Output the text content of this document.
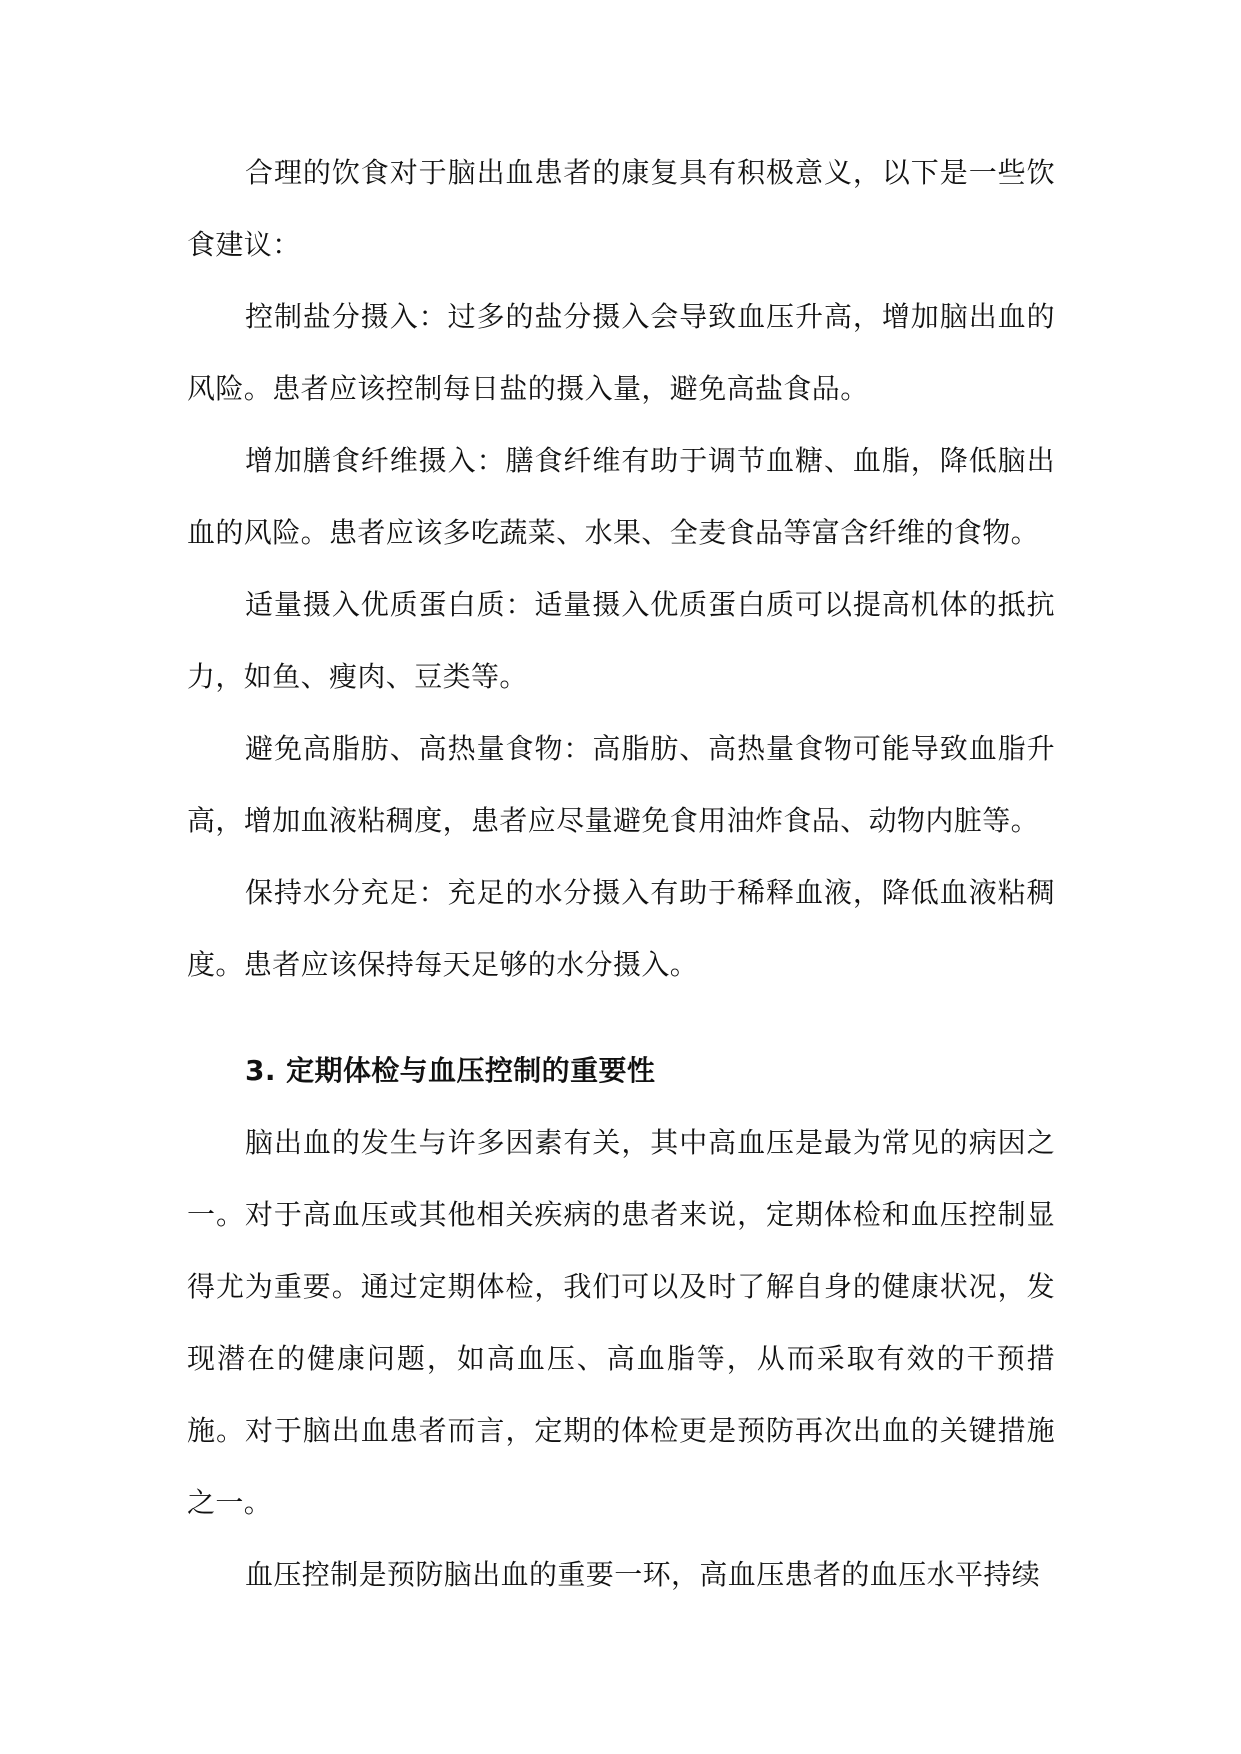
合理的饮食对于脑出血患者的康复具有积极意义，以下是一些饮食建议：

控制盐分摄入：过多的盐分摄入会导致血压升高，增加脑出血的风险。患者应该控制每日盐的摄入量，避免高盐食品。

增加膳食纤维摄入：膳食纤维有助于调节血糖、血脂，降低脑出血的风险。患者应该多吃蔬菜、水果、全麦食品等富含纤维的食物。

适量摄入优质蛋白质：适量摄入优质蛋白质可以提高机体的抵抗力，如鱼、瘦肉、豆类等。

避免高脂肪、高热量食物：高脂肪、高热量食物可能导致血脂升高，增加血液粘稠度，患者应尽量避免食用油炸食品、动物内脏等。

保持水分充足：充足的水分摄入有助于稀释血液，降低血液粘稠度。患者应该保持每天足够的水分摄入。

3. 定期体检与血压控制的重要性

脑出血的发生与许多因素有关，其中高血压是最为常见的病因之一。对于高血压或其他相关疾病的患者来说，定期体检和血压控制显得尤为重要。通过定期体检，我们可以及时了解自身的健康状况，发现潜在的健康问题，如高血压、高血脂等，从而采取有效的干预措施。对于脑出血患者而言，定期的体检更是预防再次出血的关键措施之一。

血压控制是预防脑出血的重要一环，高血压患者的血压水平持续
